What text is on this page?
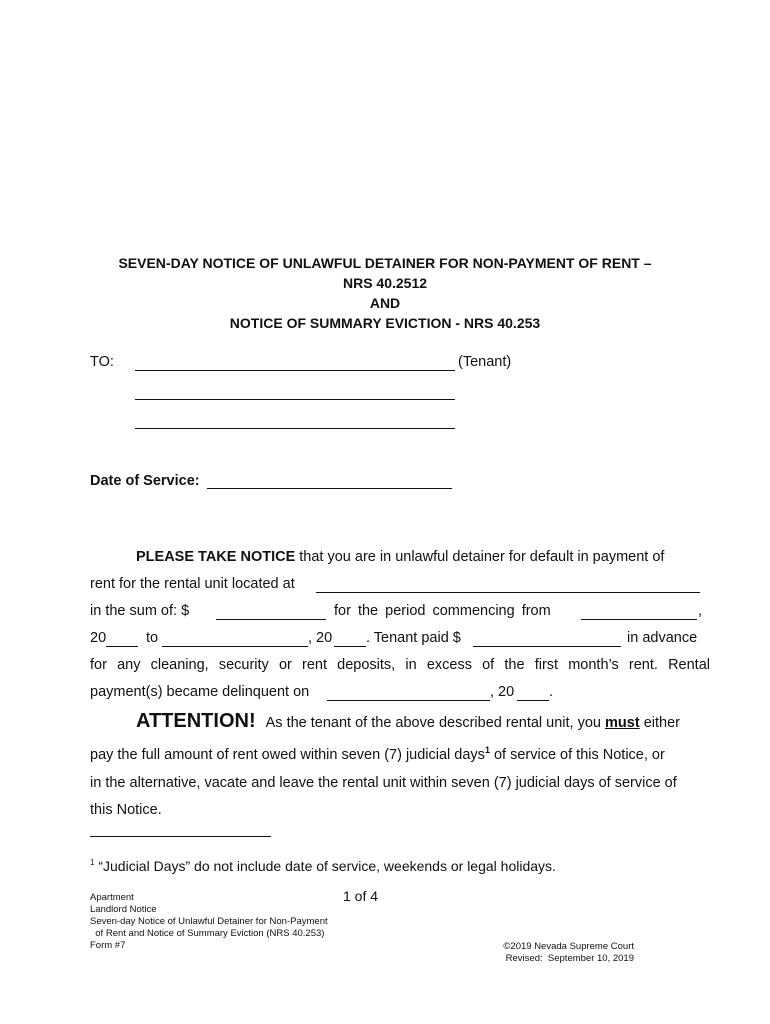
SEVEN-DAY NOTICE OF UNLAWFUL DETAINER FOR NON-PAYMENT OF RENT –
NRS 40.2512
AND
NOTICE OF SUMMARY EVICTION - NRS 40.253
TO:	(Tenant)
Date of Service:
PLEASE TAKE NOTICE that you are in unlawful detainer for default in payment of
rent for the rental unit located at
in the sum of: $	for the period commencing from	,
20	to	, 20 . Tenant paid $	in advance
for any cleaning, security or rent deposits, in excess of the first month’s rent. Rental
payment(s) became delinquent on	, 20 .
ATTENTION! As the tenant of the above described rental unit, you must either
pay the full amount of rent owed within seven (7) judicial days$^1$ of service of this Notice, or
in the alternative, vacate and leave the rental unit within seven (7) judicial days of service of
this Notice.
$^1$ “Judicial Days” do not include date of service, weekends or legal holidays.
Apartment
Landlord Notice
Seven-day Notice of Unlawful Detainer for Non-Payment
of Rent and Notice of Summary Eviction (NRS 40.253)
Form #7
1 of 4
©2019 Nevada Supreme Court
Revised:  September 10, 2019
